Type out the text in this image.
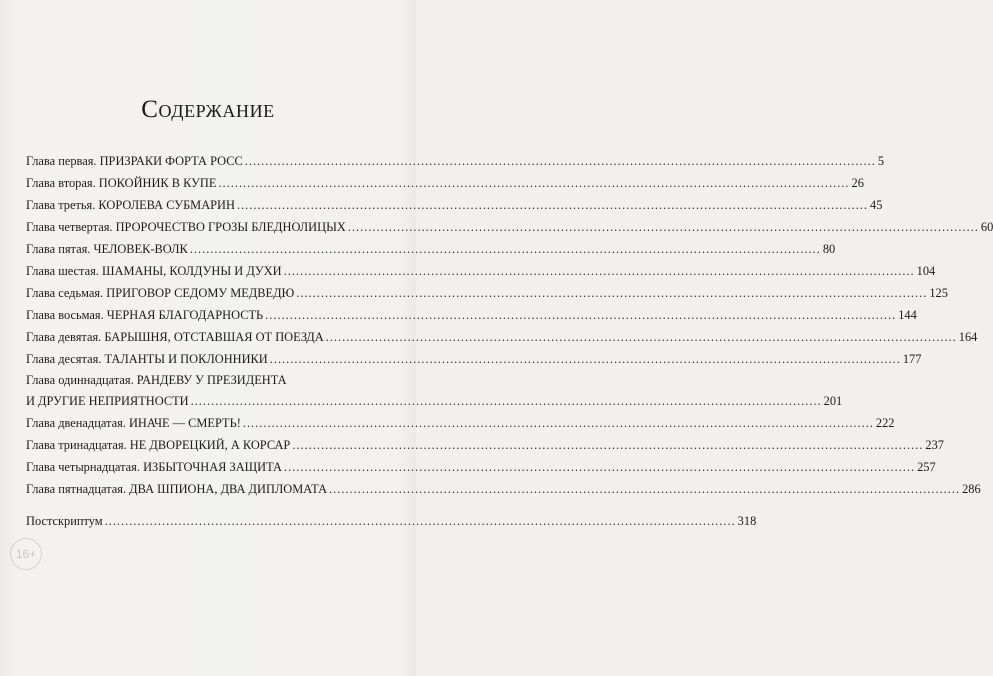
Содержание
Глава первая. ПРИЗРАКИ ФОРТА РОСС .....	5
Глава вторая. ПОКОЙНИК В КУПЕ .....	26
Глава третья. КОРОЛЕВА СУБМАРИН .....	45
Глава четвертая. ПРОРОЧЕСТВО ГРОЗЫ БЛЕДНОЛИЦЫХ .....	60
Глава пятая. ЧЕЛОВЕК-ВОЛК .....	80
Глава шестая. ШАМАНЫ, КОЛДУНЫ И ДУХИ .....	104
Глава седьмая. ПРИГОВОР СЕДОМУ МЕДВЕДЮ .....	125
Глава восьмая. ЧЕРНАЯ БЛАГОДАРНОСТЬ .....	144
Глава девятая. БАРЫШНЯ, ОТСТАВШАЯ ОТ ПОЕЗДА .....	164
Глава десятая. ТАЛАНТЫ И ПОКЛОННИКИ .....	177
Глава одиннадцатая. РАНДЕВУ У ПРЕЗИДЕНТА
И ДРУГИЕ НЕПРИЯТНОСТИ .....	201
Глава двенадцатая. ИНАЧЕ — СМЕРТЬ! .....	222
Глава тринадцатая. НЕ ДВОРЕЦКИЙ, А КОРСАР .....	237
Глава четырнадцатая. ИЗБЫТОЧНАЯ ЗАЩИТА .....	257
Глава пятнадцатая. ДВА ШПИОНА, ДВА ДИПЛОМАТА .....	286
Постскриптум .....	318
16+
